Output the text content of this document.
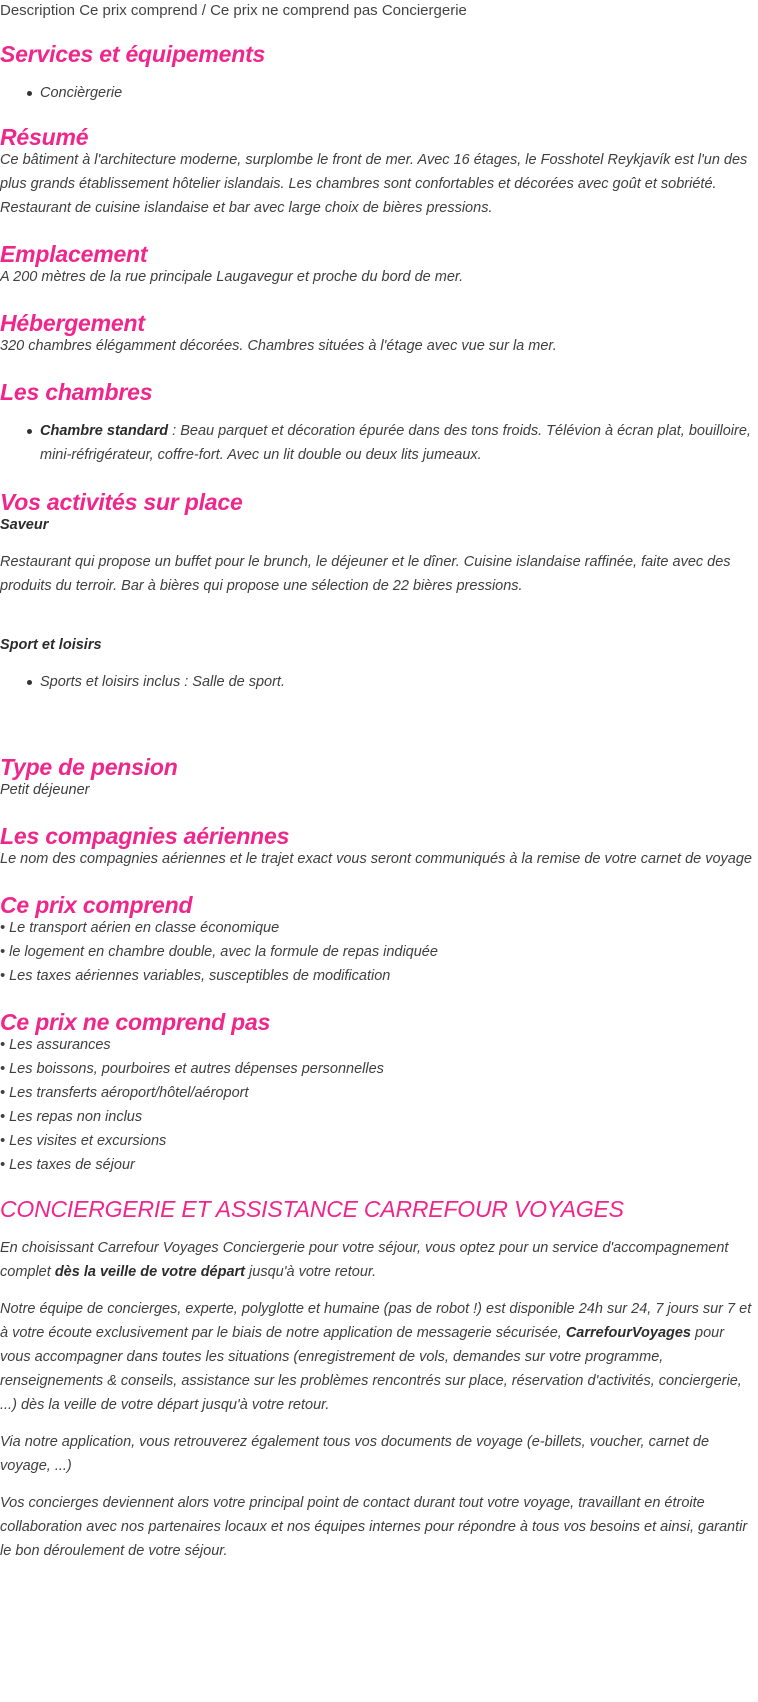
Description Ce prix comprend / Ce prix ne comprend pas Conciergerie
Services et équipements
Concièrgerie
Résumé

Ce bâtiment à l'architecture moderne, surplombe le front de mer. Avec 16 étages, le Fosshotel Reykjavík est l'un des plus grands établissement hôtelier islandais. Les chambres sont confortables et décorées avec goût et sobriété. Restaurant de cuisine islandaise et bar avec large choix de bières pressions.

Emplacement

A 200 mètres de la rue principale Laugavegur et proche du bord de mer.

Hébergement

320 chambres élégamment décorées. Chambres situées à l'étage avec vue sur la mer.

Les chambres
Chambre standard : Beau parquet et décoration épurée dans des tons froids. Télévion à écran plat, bouilloire, mini-réfrigérateur, coffre-fort. Avec un lit double ou deux lits jumeaux.
Vos activités sur place

Saveur

Restaurant qui propose un buffet pour le brunch, le déjeuner et le dîner. Cuisine islandaise raffinée, faite avec des produits du terroir. Bar à bières qui propose une sélection de 22 bières pressions.

Sport et loisirs

Sports et loisirs inclus : Salle de sport.
Type de pension

Petit déjeuner

Les compagnies aériennes

Le nom des compagnies aériennes et le trajet exact vous seront communiqués à la remise de votre carnet de voyage

Ce prix comprend

• Le transport aérien en classe économique

• le logement en chambre double, avec la formule de repas indiquée

• Les taxes aériennes variables, susceptibles de modification

Ce prix ne comprend pas

• Les assurances

• Les boissons, pourboires et autres dépenses personnelles

• Les transferts aéroport/hôtel/aéroport

• Les repas non inclus

• Les visites et excursions

• Les taxes de séjour

CONCIERGERIE ET ASSISTANCE CARREFOUR VOYAGES

En choisissant Carrefour Voyages Conciergerie pour votre séjour, vous optez pour un service d'accompagnement complet dès la veille de votre départ jusqu'à votre retour.

Notre équipe de concierges, experte, polyglotte et humaine (pas de robot !) est disponible 24h sur 24, 7 jours sur 7 et à votre écoute exclusivement par le biais de notre application de messagerie sécurisée, CarrefourVoyages pour vous accompagner dans toutes les situations (enregistrement de vols, demandes sur votre programme, renseignements & conseils, assistance sur les problèmes rencontrés sur place, réservation d'activités, conciergerie, ...) dès la veille de votre départ jusqu'à votre retour.

Via notre application, vous retrouverez également tous vos documents de voyage (e-billets, voucher, carnet de voyage, ...)

Vos concierges deviennent alors votre principal point de contact durant tout votre voyage, travaillant en étroite collaboration avec nos partenaires locaux et nos équipes internes pour répondre à tous vos besoins et ainsi, garantir le bon déroulement de votre séjour.
